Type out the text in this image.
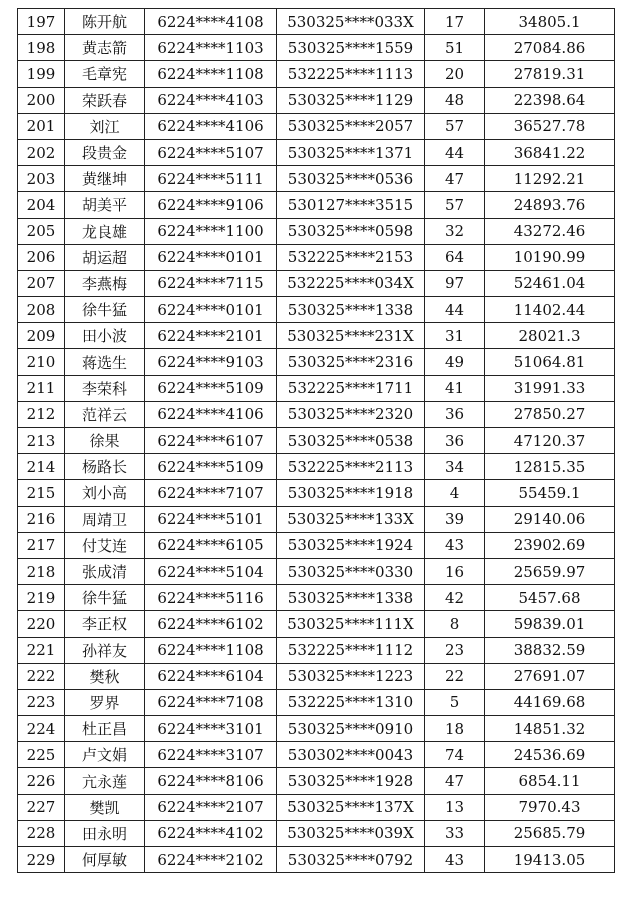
197	陈开航	6224****4108	530325****033X	17	34805.1
198	黄志箭	6224****1103	530325****1559	51	27084.86
199	毛章宪	6224****1108	532225****1113	20	27819.31
200	荣跃春	6224****4103	530325****1129	48	22398.64
201	刘江	6224****4106	530325****2057	57	36527.78
202	段贵金	6224****5107	530325****1371	44	36841.22
203	黄继坤	6224****5111	530325****0536	47	11292.21
204	胡美平	6224****9106	530127****3515	57	24893.76
205	龙良雄	6224****1100	530325****0598	32	43272.46
206	胡运超	6224****0101	532225****2153	64	10190.99
207	李燕梅	6224****7115	532225****034X	97	52461.04
208	徐牛猛	6224****0101	530325****1338	44	11402.44
209	田小波	6224****2101	530325****231X	31	28021.3
210	蒋选生	6224****9103	530325****2316	49	51064.81
211	李荣科	6224****5109	532225****1711	41	31991.33
212	范祥云	6224****4106	530325****2320	36	27850.27
213	徐果	6224****6107	530325****0538	36	47120.37
214	杨路长	6224****5109	532225****2113	34	12815.35
215	刘小高	6224****7107	530325****1918	4	55459.1
216	周靖卫	6224****5101	530325****133X	39	29140.06
217	付艾连	6224****6105	530325****1924	43	23902.69
218	张成清	6224****5104	530325****0330	16	25659.97
219	徐牛猛	6224****5116	530325****1338	42	5457.68
220	李正权	6224****6102	530325****111X	8	59839.01
221	孙祥友	6224****1108	532225****1112	23	38832.59
222	樊秋	6224****6104	530325****1223	22	27691.07
223	罗界	6224****7108	532225****1310	5	44169.68
224	杜正昌	6224****3101	530325****0910	18	14851.32
225	卢文娟	6224****3107	530302****0043	74	24536.69
226	亢永莲	6224****8106	530325****1928	47	6854.11
227	樊凯	6224****2107	530325****137X	13	7970.43
228	田永明	6224****4102	530325****039X	33	25685.79
229	何厚敏	6224****2102	530325****0792	43	19413.05
